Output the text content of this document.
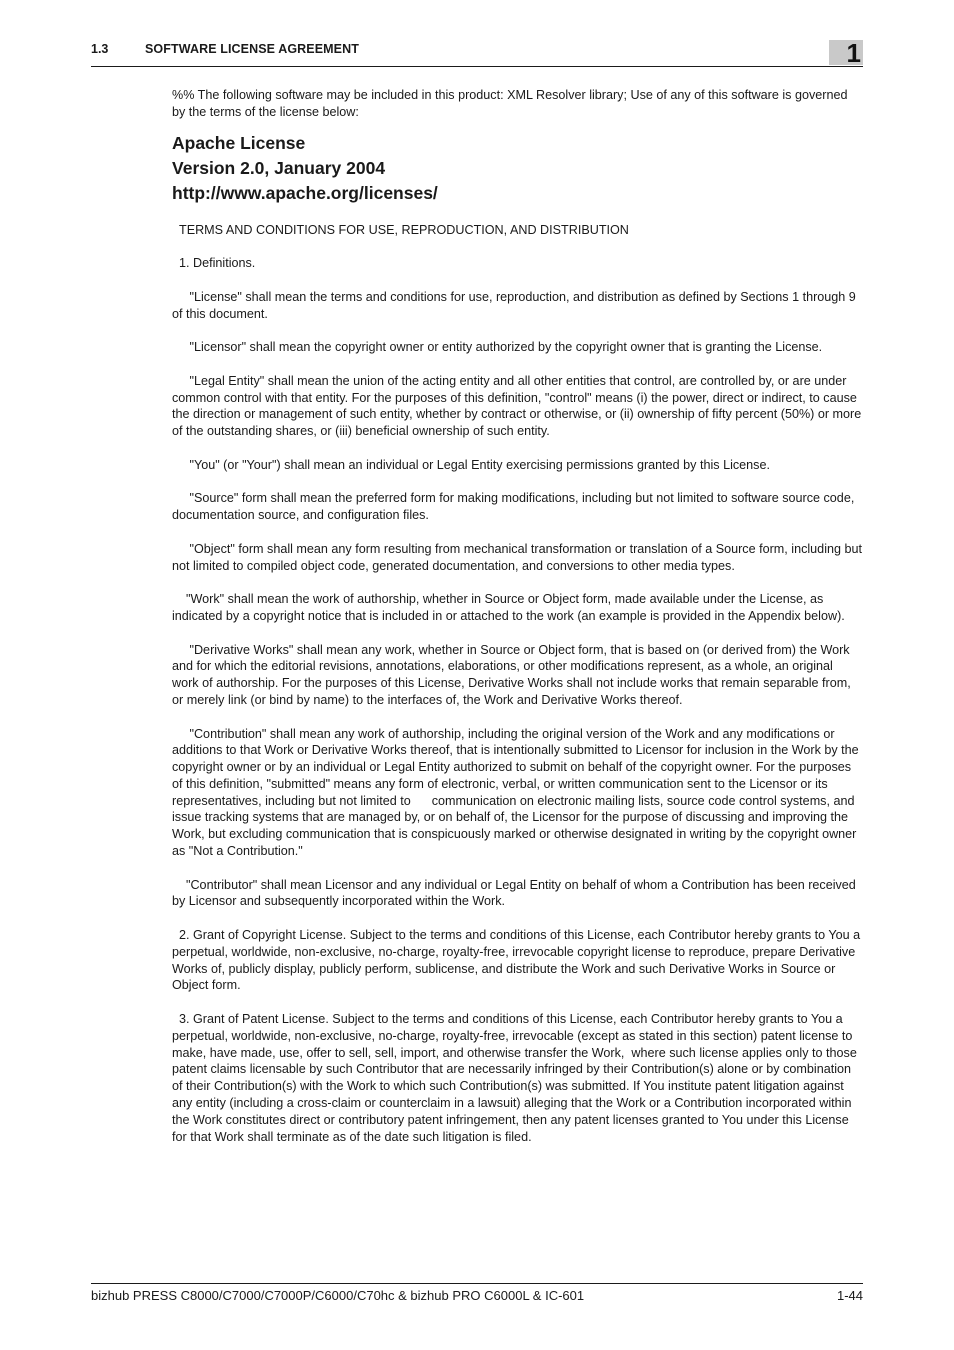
1.3	SOFTWARE LICENSE AGREEMENT	1

%% The following software may be included in this product: XML Resolver library; Use of any of this software is governed by the terms of the license below:

Apache License

Version 2.0, January 2004

http://www.apache.org/licenses/

TERMS AND CONDITIONS FOR USE, REPRODUCTION, AND DISTRIBUTION

1. Definitions.

"License" shall mean the terms and conditions for use, reproduction, and distribution as defined by Sections 1 through 9 of this document.

"Licensor" shall mean the copyright owner or entity authorized by the copyright owner that is granting the License.

"Legal Entity" shall mean the union of the acting entity and all other entities that control, are controlled by, or are under common control with that entity. For the purposes of this definition, "control" means (i) the power, direct or indirect, to cause the direction or management of such entity, whether by contract or otherwise, or (ii) ownership of fifty percent (50%) or more of the outstanding shares, or (iii) beneficial ownership of such entity.

"You" (or "Your") shall mean an individual or Legal Entity exercising permissions granted by this License.

"Source" form shall mean the preferred form for making modifications, including but not limited to software source code, documentation source, and configuration files.

"Object" form shall mean any form resulting from mechanical transformation or translation of a Source form, including but not limited to compiled object code, generated documentation, and conversions to other media types.

"Work" shall mean the work of authorship, whether in Source or Object form, made available under the License, as indicated by a copyright notice that is included in or attached to the work (an example is provided in the Appendix below).

"Derivative Works" shall mean any work, whether in Source or Object form, that is based on (or derived from) the Work and for which the editorial revisions, annotations, elaborations, or other modifications represent, as a whole, an original work of authorship. For the purposes of this License, Derivative Works shall not include works that remain separable from, or merely link (or bind by name) to the interfaces of, the Work and Derivative Works thereof.

"Contribution" shall mean any work of authorship, including the original version of the Work and any modifications or additions to that Work or Derivative Works thereof, that is intentionally submitted to Licensor for inclusion in the Work by the copyright owner or by an individual or Legal Entity authorized to submit on behalf of the copyright owner. For the purposes of this definition, "submitted" means any form of electronic, verbal, or written communication sent to the Licensor or its representatives, including but not limited to      communication on electronic mailing lists, source code control systems, and issue tracking systems that are managed by, or on behalf of, the Licensor for the purpose of discussing and improving the Work, but excluding communication that is conspicuously marked or otherwise designated in writing by the copyright owner as "Not a Contribution."

"Contributor" shall mean Licensor and any individual or Legal Entity on behalf of whom a Contribution has been received by Licensor and subsequently incorporated within the Work.

2. Grant of Copyright License. Subject to the terms and conditions of this License, each Contributor hereby grants to You a perpetual, worldwide, non-exclusive, no-charge, royalty-free, irrevocable copyright license to reproduce, prepare Derivative Works of, publicly display, publicly perform, sublicense, and distribute the Work and such Derivative Works in Source or Object form.

3. Grant of Patent License. Subject to the terms and conditions of this License, each Contributor hereby grants to You a perpetual, worldwide, non-exclusive, no-charge, royalty-free, irrevocable (except as stated in this section) patent license to make, have made, use, offer to sell, sell, import, and otherwise transfer the Work,  where such license applies only to those patent claims licensable by such Contributor that are necessarily infringed by their Contribution(s) alone or by combination of their Contribution(s) with the Work to which such Contribution(s) was submitted. If You institute patent litigation against any entity (including a cross-claim or counterclaim in a lawsuit) alleging that the Work or a Contribution incorporated within the Work constitutes direct or contributory patent infringement, then any patent licenses granted to You under this License for that Work shall terminate as of the date such litigation is filed.

bizhub PRESS C8000/C7000/C7000P/C6000/C70hc & bizhub PRO C6000L & IC-601	1-44
